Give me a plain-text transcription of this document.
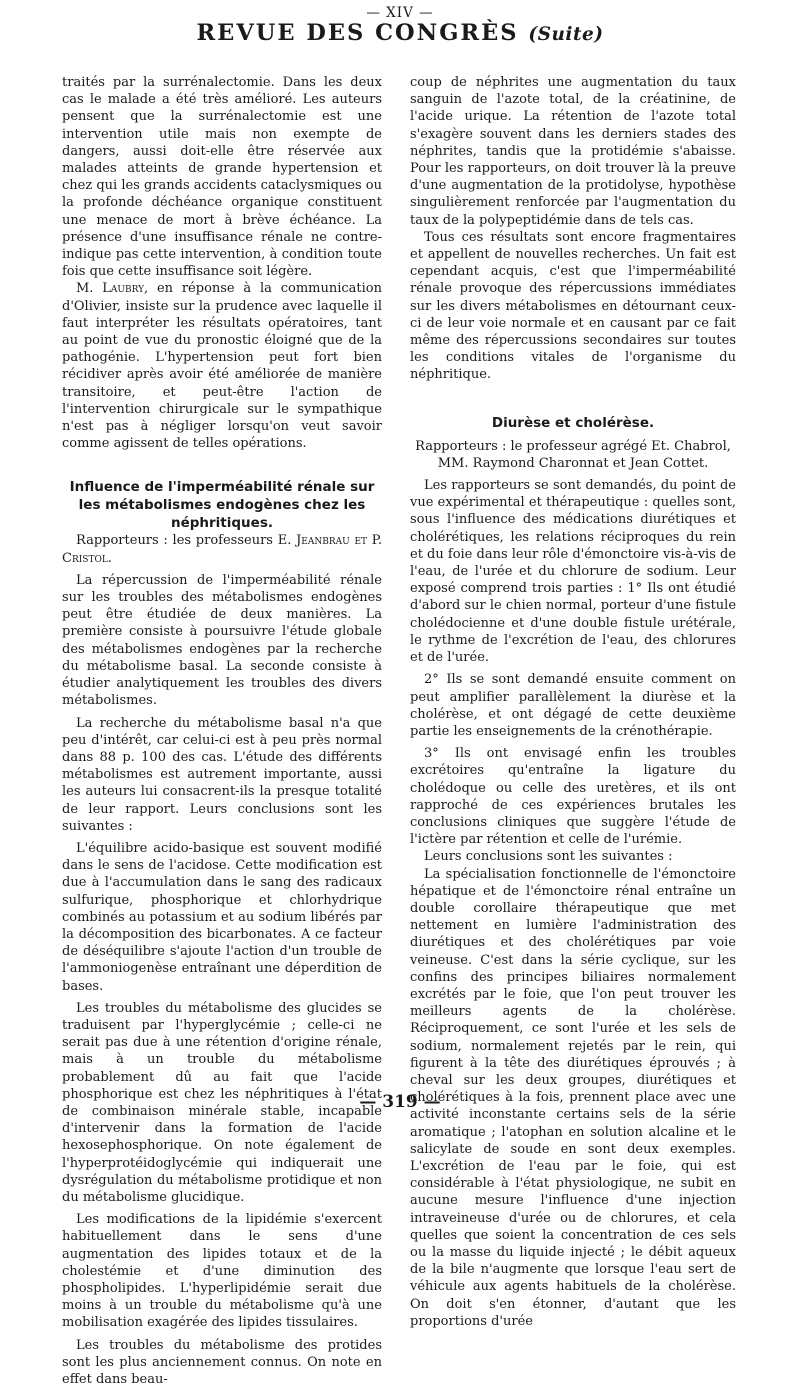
— XIV —
REVUE DES CONGRÈS (Suite)

traités par la surrénalectomie. Dans les deux cas le malade a été très amélioré. Les auteurs pensent que la surrénalectomie est une intervention utile mais non exempte de dangers, aussi doit-elle être réservée aux malades atteints de grande hypertension et chez qui les grands accidents cataclysmiques ou la profonde déchéance organique constituent une menace de mort à brève échéance. La présence d'une insuffisance rénale ne contre-indique pas cette intervention, à condition toute fois que cette insuffisance soit légère.

M. Laubry, en réponse à la communication d'Olivier, insiste sur la prudence avec laquelle il faut interpréter les résultats opératoires, tant au point de vue du pronostic éloigné que de la pathogénie. L'hypertension peut fort bien récidiver après avoir été améliorée de manière transitoire, et peut-être l'action de l'intervention chirurgicale sur le sympathique n'est pas à négliger lorsqu'on veut savoir comme agissent de telles opérations.

Influence de l'imperméabilité rénale sur les métabolismes endogènes chez les néphritiques.

Rapporteurs : les professeurs E. Jeanbrau et P. Cristol.

La répercussion de l'imperméabilité rénale sur les troubles des métabolismes endogènes peut être étudiée de deux manières. La première consiste à poursuivre l'étude globale des métabolismes endogènes par la recherche du métabolisme basal. La seconde consiste à étudier analytiquement les troubles des divers métabolismes.

La recherche du métabolisme basal n'a que peu d'intérêt, car celui-ci est à peu près normal dans 88 p. 100 des cas. L'étude des différents métabolismes est autrement importante, aussi les auteurs lui consacrent-ils la presque totalité de leur rapport. Leurs conclusions sont les suivantes :

L'équilibre acido-basique est souvent modifié dans le sens de l'acidose. Cette modification est due à l'accumulation dans le sang des radicaux sulfurique, phosphorique et chlorhydrique combinés au potassium et au sodium libérés par la décomposition des bicarbonates. A ce facteur de déséquilibre s'ajoute l'action d'un trouble de l'ammoniogenèse entraînant une déperdition de bases.

Les troubles du métabolisme des glucides se traduisent par l'hyperglycémie ; celle-ci ne serait pas due à une rétention d'origine rénale, mais à un trouble du métabolisme probablement dû au fait que l'acide phosphorique est chez les néphritiques à l'état de combinaison minérale stable, incapable d'intervenir dans la formation de l'acide hexosephosphorique. On note également de l'hyperprotéidoglycémie qui indiquerait une dysrégulation du métabolisme protidique et non du métabolisme glucidique.

Les modifications de la lipidémie s'exercent habituellement dans le sens d'une augmentation des lipides totaux et de la cholestémie et d'une diminution des phospholipides. L'hyperlipidémie serait due moins à un trouble du métabolisme qu'à une mobilisation exagérée des lipides tissulaires.

Les troubles du métabolisme des protides sont les plus anciennement connus. On note en effet dans beau-

coup de néphrites une augmentation du taux sanguin de l'azote total, de la créatinine, de l'acide urique. La rétention de l'azote total s'exagère souvent dans les derniers stades des néphrites, tandis que la protidémie s'abaisse. Pour les rapporteurs, on doit trouver là la preuve d'une augmentation de la protidolyse, hypothèse singulièrement renforcée par l'augmentation du taux de la polypeptidémie dans de tels cas.

Tous ces résultats sont encore fragmentaires et appellent de nouvelles recherches. Un fait est cependant acquis, c'est que l'imperméabilité rénale provoque des répercussions immédiates sur les divers métabolismes en détournant ceux-ci de leur voie normale et en causant par ce fait même des répercussions secondaires sur toutes les conditions vitales de l'organisme du néphritique.

Diurèse et cholérèse.

Rapporteurs : le professeur agrégé Et. Chabrol,

MM. Raymond Charonnat et Jean Cottet.

Les rapporteurs se sont demandés, du point de vue expérimental et thérapeutique : quelles sont, sous l'influence des médications diurétiques et cholérétiques, les relations réciproques du rein et du foie dans leur rôle d'émonctoire vis-à-vis de l'eau, de l'urée et du chlorure de sodium. Leur exposé comprend trois parties : 1° Ils ont étudié d'abord sur le chien normal, porteur d'une fistule cholédocienne et d'une double fistule urétérale, le rythme de l'excrétion de l'eau, des chlorures et de l'urée.

2° Ils se sont demandé ensuite comment on peut amplifier parallèlement la diurèse et la cholérèse, et ont dégagé de cette deuxième partie les enseignements de la crénothérapie.

3° Ils ont envisagé enfin les troubles excrétoires qu'entraîne la ligature du cholédoque ou celle des uretères, et ils ont rapproché de ces expériences brutales les conclusions cliniques que suggère l'étude de l'ictère par rétention et celle de l'urémie.

Leurs conclusions sont les suivantes :

La spécialisation fonctionnelle de l'émonctoire hépatique et de l'émonctoire rénal entraîne un double corollaire thérapeutique que met nettement en lumière l'administration des diurétiques et des cholérétiques par voie veineuse. C'est dans la série cyclique, sur les confins des principes biliaires normalement excrétés par le foie, que l'on peut trouver les meilleurs agents de la cholérèse. Réciproquement, ce sont l'urée et les sels de sodium, normalement rejetés par le rein, qui figurent à la tête des diurétiques éprouvés ; à cheval sur les deux groupes, diurétiques et cholérétiques à la fois, prennent place avec une activité inconstante certains sels de la série aromatique ; l'atophan en solution alcaline et le salicylate de soude en sont deux exemples. L'excrétion de l'eau par le foie, qui est considérable à l'état physiologique, ne subit en aucune mesure l'influence d'une injection intraveineuse d'urée ou de chlorures, et cela quelles que soient la concentration de ces sels ou la masse du liquide injecté ; le débit aqueux de la bile n'augmente que lorsque l'eau sert de véhicule aux agents habituels de la cholérèse. On doit s'en étonner, d'autant que les proportions d'urée

— 319 —
